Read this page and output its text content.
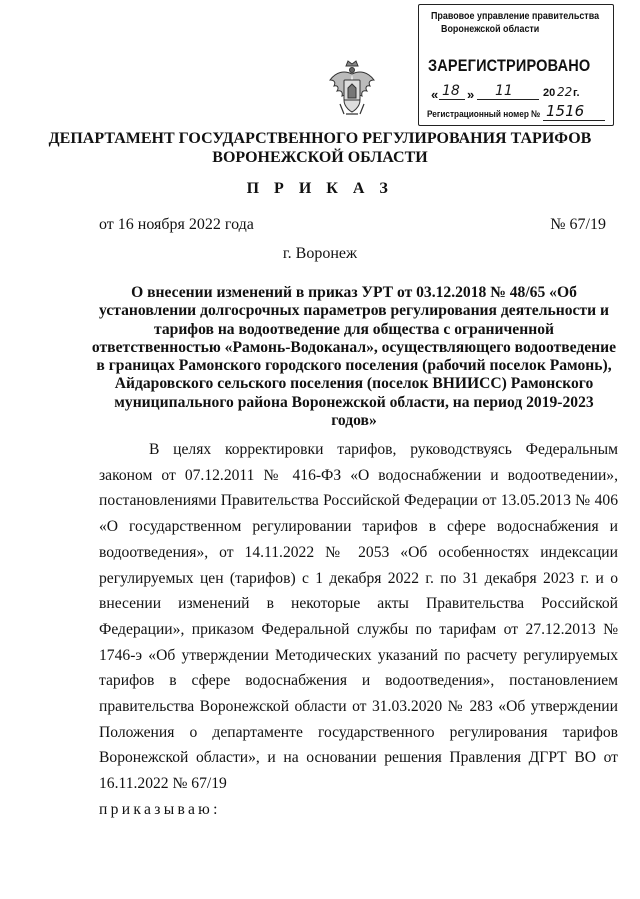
Правовое управление правительства
Воронежской области
ЗАРЕГИСТРИРОВАНО
« 18 » 11	20 22 г.
Регистрационный номер № 1516
ДЕПАРТАМЕНТ ГОСУДАРСТВЕННОГО РЕГУЛИРОВАНИЯ ТАРИФОВ ВОРОНЕЖСКОЙ ОБЛАСТИ
П Р И К А З
от 16 ноября 2022 года	№ 67/19
г. Воронеж
О внесении изменений в приказ УРТ от 03.12.2018 № 48/65 «Об установлении долгосрочных параметров регулирования деятельности и тарифов на водоотведение для общества с ограниченной ответственностью «Рамонь-Водоканал», осуществляющего водоотведение в границах Рамонского городского поселения (рабочий поселок Рамонь), Айдаровского сельского поселения (поселок ВНИИСС) Рамонского муниципального района Воронежской области, на период 2019-2023 годов»

В целях корректировки тарифов, руководствуясь Федеральным законом от 07.12.2011 № 416-ФЗ «О водоснабжении и водоотведении», постановлениями Правительства Российской Федерации от 13.05.2013 № 406 «О государственном регулировании тарифов в сфере водоснабжения и водоотведения», от 14.11.2022 № 2053 «Об особенностях индексации регулируемых цен (тарифов) с 1 декабря 2022 г. по 31 декабря 2023 г. и о внесении изменений в некоторые акты Правительства Российской Федерации», приказом Федеральной службы по тарифам от 27.12.2013 № 1746-э «Об утверждении Методических указаний по расчету регулируемых тарифов в сфере водоснабжения и водоотведения», постановлением правительства Воронежской области от 31.03.2020 № 283 «Об утверждении Положения о департаменте государственного регулирования тарифов Воронежской области», и на основании решения Правления ДГРТ ВО от 16.11.2022 № 67/19

приказываю:
